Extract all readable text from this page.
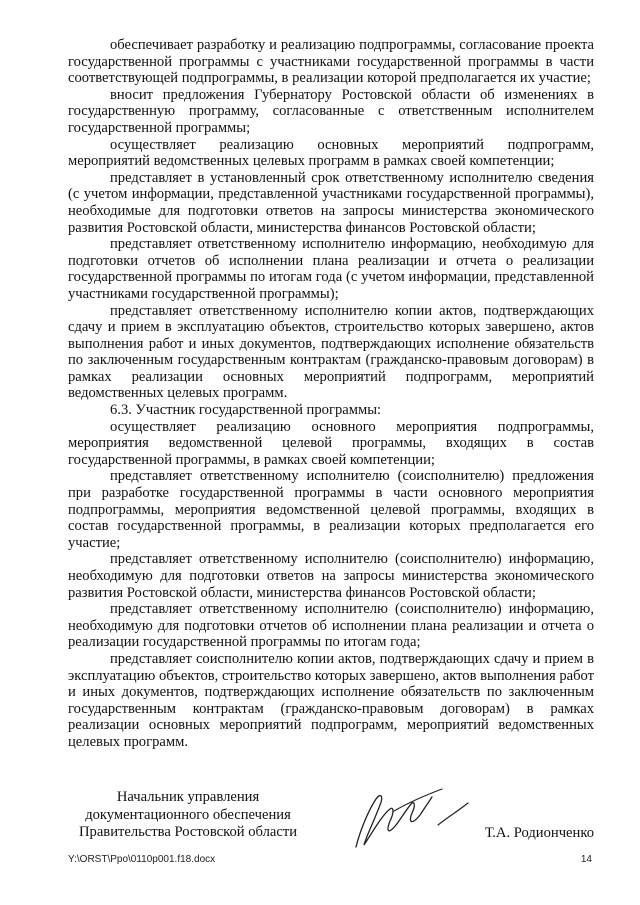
обеспечивает разработку и реализацию подпрограммы, согласование проекта государственной программы с участниками государственной программы в части соответствующей подпрограммы, в реализации которой предполагается их участие;

вносит предложения Губернатору Ростовской области об изменениях в государственную программу, согласованные с ответственным исполнителем государственной программы;

осуществляет реализацию основных мероприятий подпрограмм, мероприятий ведомственных целевых программ в рамках своей компетенции;

представляет в установленный срок ответственному исполнителю сведения (с учетом информации, представленной участниками государственной программы), необходимые для подготовки ответов на запросы министерства экономического развития Ростовской области, министерства финансов Ростовской области;

представляет ответственному исполнителю информацию, необходимую для подготовки отчетов об исполнении плана реализации и отчета о реализации государственной программы по итогам года (с учетом информации, представленной участниками государственной программы);

представляет ответственному исполнителю копии актов, подтверждающих сдачу и прием в эксплуатацию объектов, строительство которых завершено, актов выполнения работ и иных документов, подтверждающих исполнение обязательств по заключенным государственным контрактам (гражданско-правовым договорам) в рамках реализации основных мероприятий подпрограмм, мероприятий ведомственных целевых программ.

6.3. Участник государственной программы:

осуществляет реализацию основного мероприятия подпрограммы, мероприятия ведомственной целевой программы, входящих в состав государственной программы, в рамках своей компетенции;

представляет ответственному исполнителю (соисполнителю) предложения при разработке государственной программы в части основного мероприятия подпрограммы, мероприятия ведомственной целевой программы, входящих в состав государственной программы, в реализации которых предполагается его участие;

представляет ответственному исполнителю (соисполнителю) информацию, необходимую для подготовки ответов на запросы министерства экономического развития Ростовской области, министерства финансов Ростовской области;

представляет ответственному исполнителю (соисполнителю) информацию, необходимую для подготовки отчетов об исполнении плана реализации и отчета о реализации государственной программы по итогам года;

представляет соисполнителю копии актов, подтверждающих сдачу и прием в эксплуатацию объектов, строительство которых завершено, актов выполнения работ и иных документов, подтверждающих исполнение обязательств по заключенным государственным контрактам (гражданско-правовым договорам) в рамках реализации основных мероприятий подпрограмм, мероприятий ведомственных целевых программ.

Начальник управления
документационного обеспечения
Правительства Ростовской области	Т.А. Родионченко
Y:\ORST\Ppo\0110p001.f18.docx	14
